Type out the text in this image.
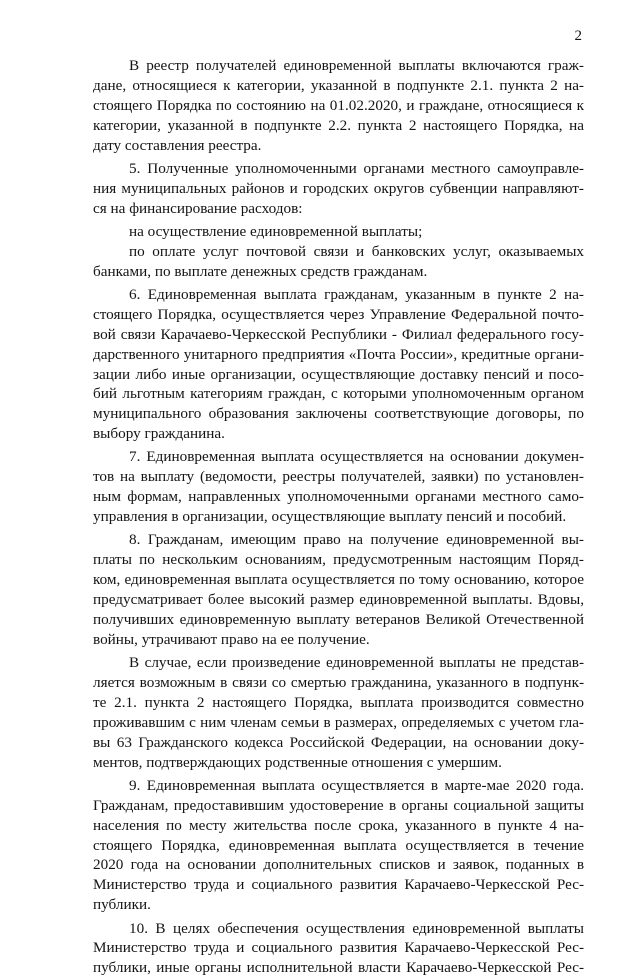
2
В реестр получателей единовременной выплаты включаются граж-
дане, относящиеся к категории, указанной в подпункте 2.1. пункта 2 на-
стоящего Порядка по состоянию на 01.02.2020, и граждане, относящиеся к
категории, указанной в подпункте 2.2. пункта 2 настоящего Порядка, на
дату составления реестра.
5. Полученные уполномоченными органами местного самоуправле-
ния муниципальных районов и городских округов субвенции направляют-
ся на финансирование расходов:
на осуществление единовременной выплаты;
по оплате услуг почтовой связи и банковских услуг, оказываемых
банками, по выплате денежных средств гражданам.
6. Единовременная выплата гражданам, указанным в пункте 2 на-
стоящего Порядка, осуществляется через Управление Федеральной почто-
вой связи Карачаево-Черкесской Республики - Филиал федерального госу-
дарственного унитарного предприятия «Почта России», кредитные органи-
зации либо иные организации, осуществляющие доставку пенсий и посо-
бий льготным категориям граждан, с которыми уполномоченным органом
муниципального образования заключены соответствующие договоры, по
выбору гражданина.
7. Единовременная выплата осуществляется на основании докумен-
тов на выплату (ведомости, реестры получателей, заявки) по установлен-
ным формам, направленных уполномоченными органами местного само-
управления в организации, осуществляющие выплату пенсий и пособий.
8. Гражданам, имеющим право на получение единовременной вы-
платы по нескольким основаниям, предусмотренным настоящим Поряд-
ком, единовременная выплата осуществляется по тому основанию, которое
предусматривает более высокий размер единовременной выплаты. Вдовы,
получивших единовременную выплату ветеранов Великой Отечественной
войны, утрачивают право на ее получение.
В случае, если произведение единовременной выплаты не представ-
ляется возможным в связи со смертью гражданина, указанного в подпунк-
те 2.1. пункта 2 настоящего Порядка, выплата производится совместно
проживавшим с ним членам семьи в размерах, определяемых с учетом гла-
вы 63 Гражданского кодекса Российской Федерации, на основании доку-
ментов, подтверждающих родственные отношения с умершим.
9. Единовременная выплата осуществляется в марте-мае 2020 года.
Гражданам, предоставившим удостоверение в органы социальной защиты
населения по месту жительства после срока, указанного в пункте 4 на-
стоящего Порядка, единовременная выплата осуществляется в течение
2020 года на основании дополнительных списков и заявок, поданных в
Министерство труда и социального развития Карачаево-Черкесской Рес-
публики.
10. В целях обеспечения осуществления единовременной выплаты
Министерство труда и социального развития Карачаево-Черкесской Рес-
публики, иные органы исполнительной власти Карачаево-Черкесской Рес-
